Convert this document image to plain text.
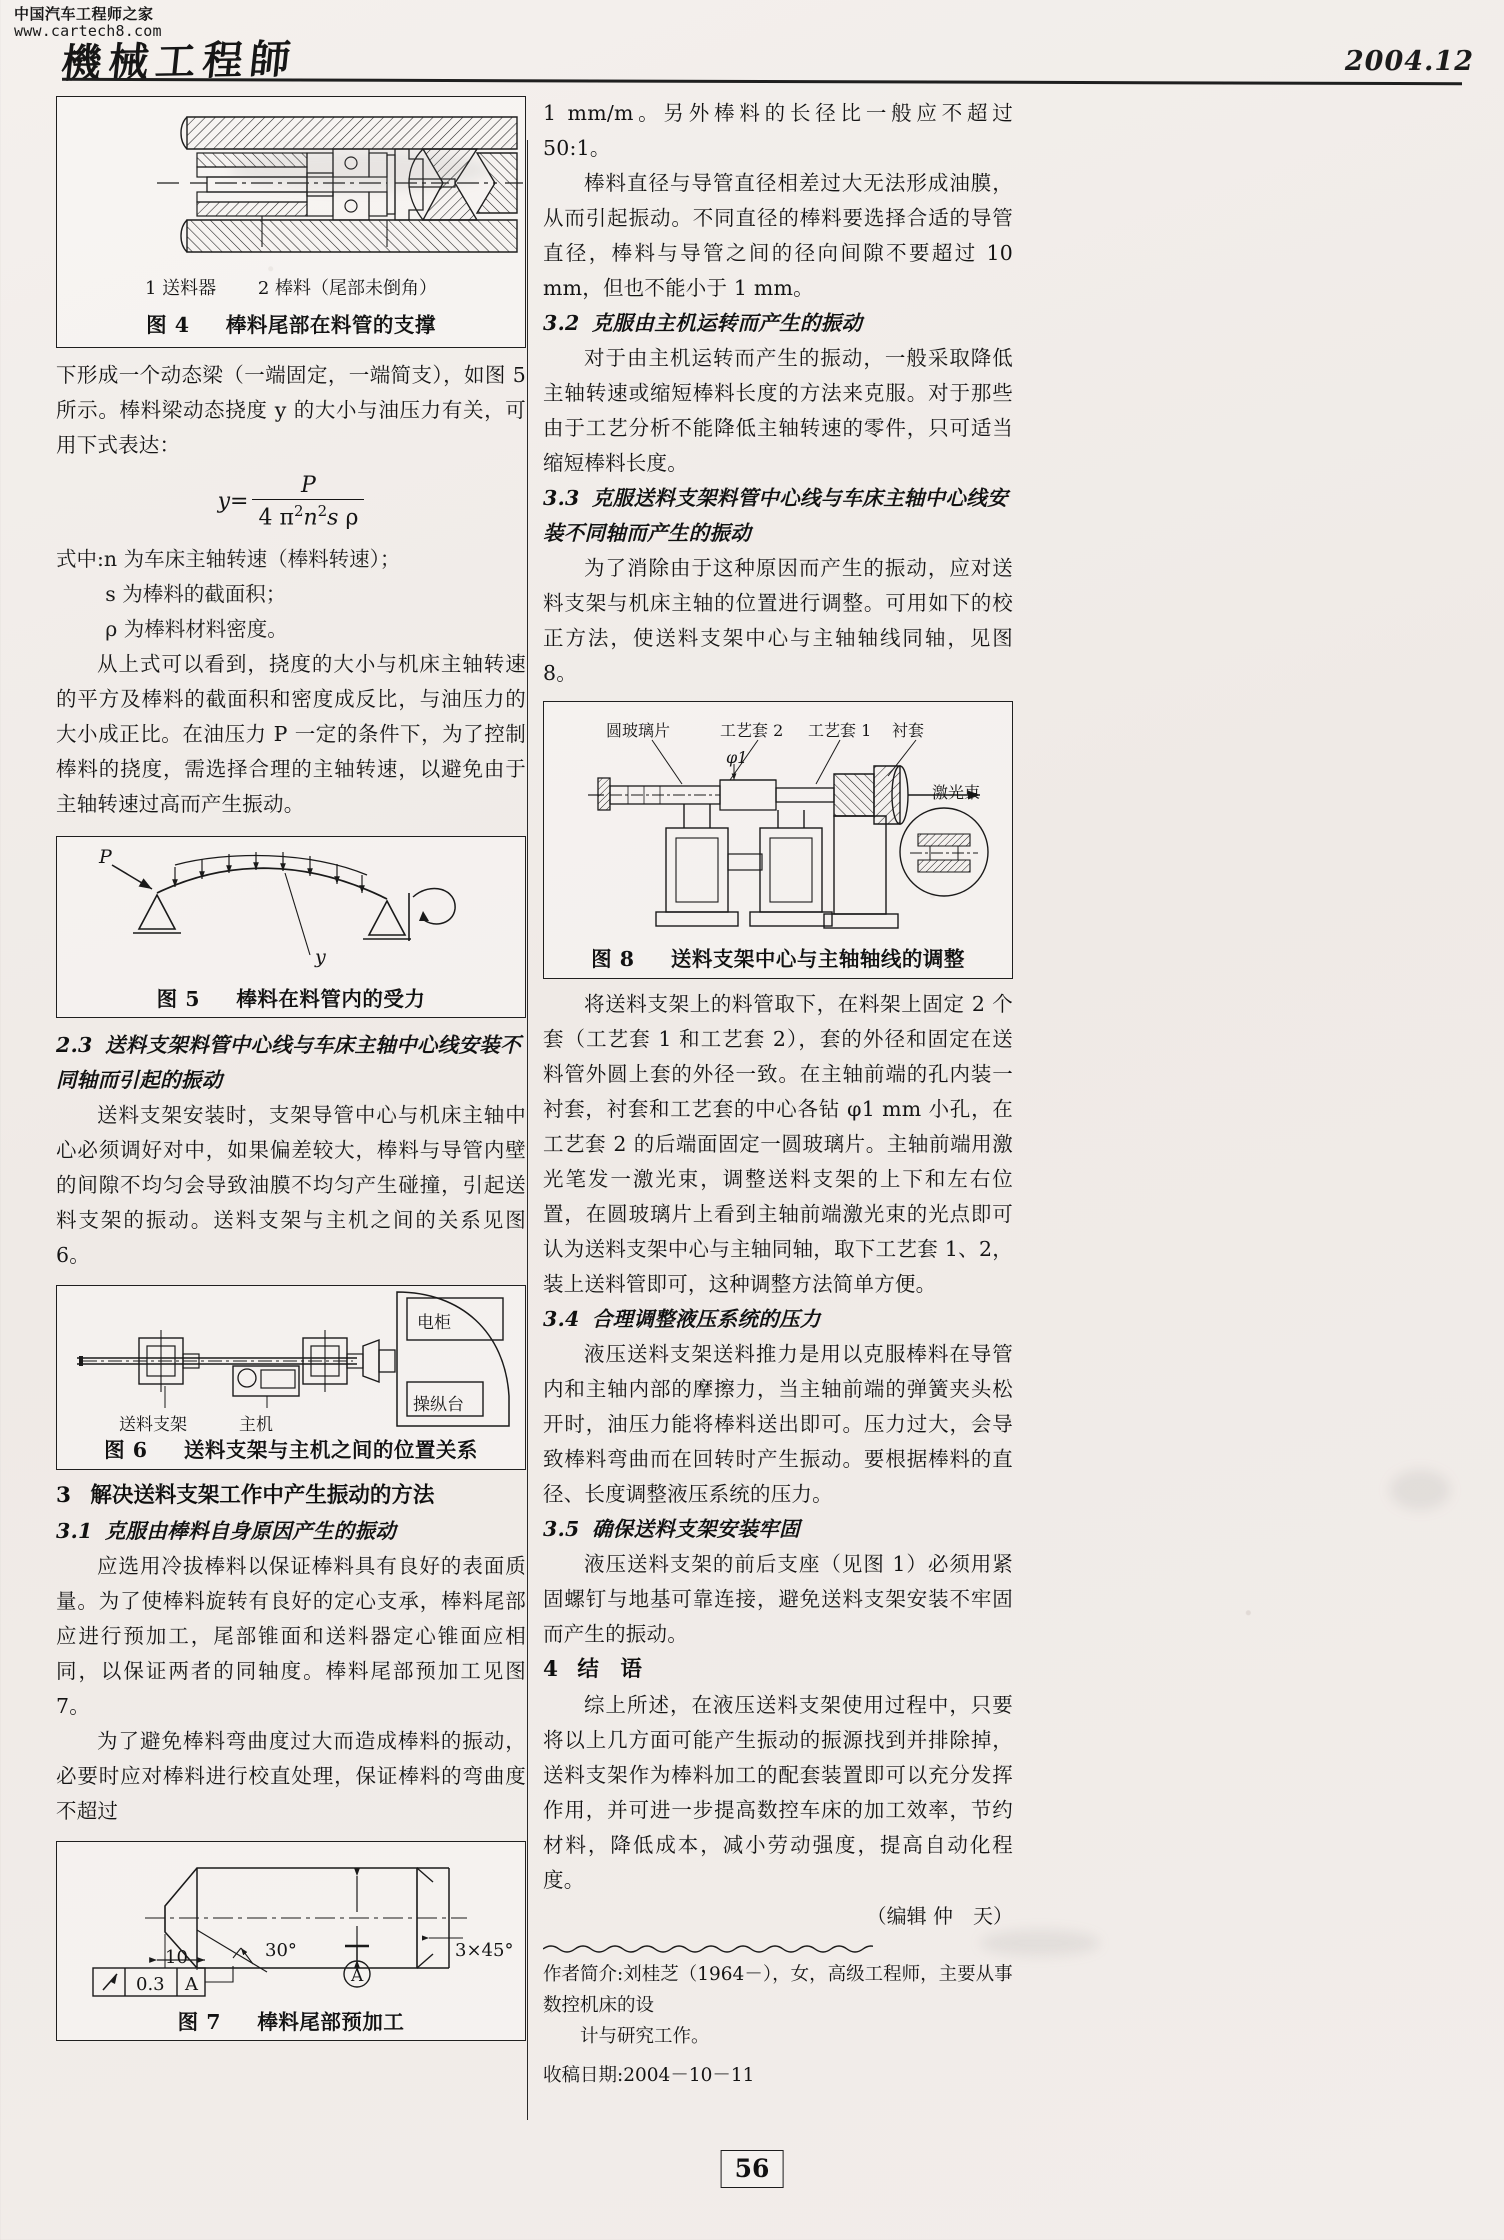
中国汽车工程师之家
www.cartech8.com
機械工程師	2004.12
1 送料器 2 棒料（尾部未倒角）
图 4 棒料尾部在料管的支撑

下形成一个动态梁（一端固定，一端简支），如图 5 所示。棒料梁动态挠度 y 的大小与油压力有关，可用下式表达：

$y= \frac{P}{4 \pi^2n^2s \rho}$
式中:n 为车床主轴转速（棒料转速）；
s 为棒料的截面积；
ρ 为棒料材料密度。

从上式可以看到，挠度的大小与机床主轴转速的平方及棒料的截面积和密度成反比，与油压力的大小成正比。在油压力 P 一定的条件下，为了控制棒料的挠度，需选择合理的主轴转速，以避免由于主轴转速过高而产生振动。

P
y
图 5 棒料在料管内的受力
2.3 送料支架料管中心线与车床主轴中心线安装不同轴而引起的振动

送料支架安装时，支架导管中心与机床主轴中心必须调好对中，如果偏差较大，棒料与导管内壁的间隙不均匀会导致油膜不均匀产生碰撞，引起送料支架的振动。送料支架与主机之间的关系见图 6。

电柜
送料支架	主机
操纵台
图 6 送料支架与主机之间的位置关系
3 解决送料支架工作中产生振动的方法
3.1 克服由棒料自身原因产生的振动

应选用冷拔棒料以保证棒料具有良好的表面质量。为了使棒料旋转有良好的定心支承，棒料尾部应进行预加工，尾部锥面和送料器定心锥面应相同，以保证两者的同轴度。棒料尾部预加工见图 7。

为了避免棒料弯曲度过大而造成棒料的振动，必要时应对棒料进行校直处理，保证棒料的弯曲度不超过

A
10	30°	3×45°
0.3 A
图 7 棒料尾部预加工

1 mm/m。另外棒料的长径比一般应不超过 50:1。

棒料直径与导管直径相差过大无法形成油膜，从而引起振动。不同直径的棒料要选择合适的导管直径，棒料与导管之间的径向间隙不要超过 10 mm，但也不能小于 1 mm。

3.2 克服由主机运转而产生的振动

对于由主机运转而产生的振动，一般采取降低主轴转速或缩短棒料长度的方法来克服。对于那些由于工艺分析不能降低主轴转速的零件，只可适当缩短棒料长度。

3.3 克服送料支架料管中心线与车床主轴中心线安装不同轴而产生的振动

为了消除由于这种原因而产生的振动，应对送料支架与机床主轴的位置进行调整。可用如下的校正方法，使送料支架中心与主轴轴线同轴，见图 8。

圆玻璃片	工艺套 2 工艺套 1 衬套
激光束
φ1
图 8 送料支架中心与主轴轴线的调整

将送料支架上的料管取下，在料架上固定 2 个套（工艺套 1 和工艺套 2），套的外径和固定在送料管外圆上套的外径一致。在主轴前端的孔内装一衬套，衬套和工艺套的中心各钻 φ1 mm 小孔，在工艺套 2 的后端面固定一圆玻璃片。主轴前端用激光笔发一激光束，调整送料支架的上下和左右位置，在圆玻璃片上看到主轴前端激光束的光点即可认为送料支架中心与主轴同轴，取下工艺套 1、2，装上送料管即可，这种调整方法简单方便。

3.4 合理调整液压系统的压力

液压送料支架送料推力是用以克服棒料在导管内和主轴内部的摩擦力，当主轴前端的弹簧夹头松开时，油压力能将棒料送出即可。压力过大，会导致棒料弯曲而在回转时产生振动。要根据棒料的直径、长度调整液压系统的压力。

3.5 确保送料支架安装牢固

液压送料支架的前后支座（见图 1）必须用紧固螺钉与地基可靠连接，避免送料支架安装不牢固而产生的振动。

4 结　语

综上所述，在液压送料支架使用过程中，只要将以上几方面可能产生振动的振源找到并排除掉，送料支架作为棒料加工的配套装置即可以充分发挥作用，并可进一步提高数控车床的加工效率，节约材料，降低成本，减小劳动强度，提高自动化程度。

（编辑 仲　天）
作者简介:刘桂芝（1964－），女，高级工程师，主要从事数控机床的设
计与研究工作。
收稿日期:2004－10－11
56
